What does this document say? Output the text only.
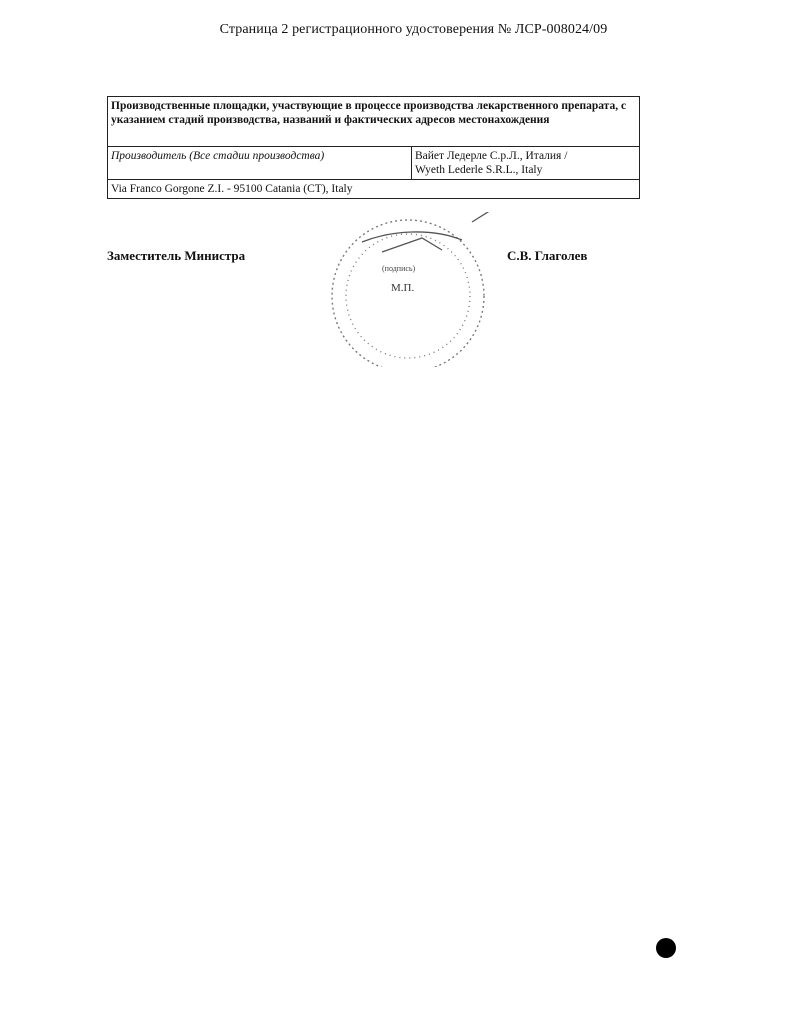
Страница 2 регистрационного удостоверения № ЛСР-008024/09
Производственные площадки, участвующие в процессе производства лекарственного препарата, с указанием стадий производства, названий и фактических адресов местонахождения
Производитель (Все стадии производства)	Вайет Ледерле С.р.Л., Италия /
Wyeth Lederle S.R.L., Italy

Via Franco Gorgone Z.I. - 95100 Catania (CT), Italy
(подпись)
М.П.
Заместитель Министра	С.В. Глаголев
